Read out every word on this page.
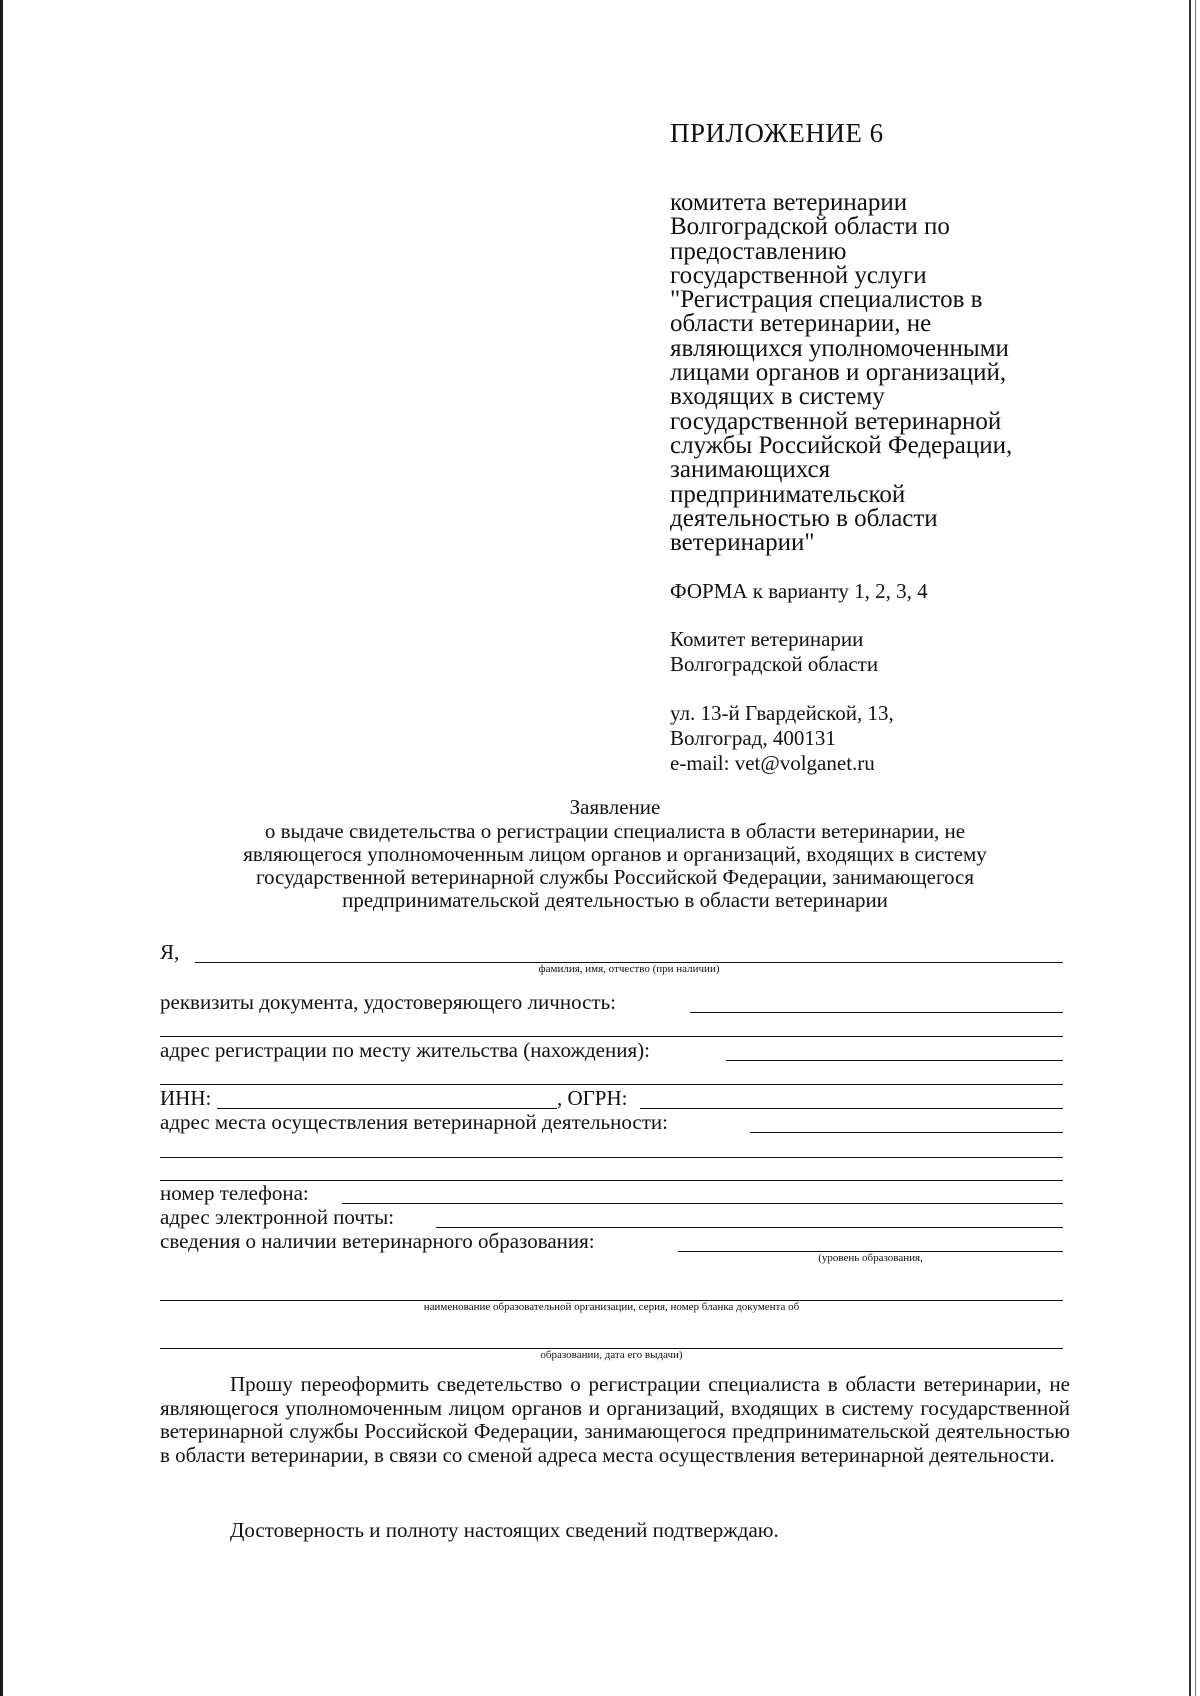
ПРИЛОЖЕНИЕ 6
комитета ветеринарии
Волгоградской области по
предоставлению
государственной услуги
"Регистрация специалистов в
области ветеринарии, не
являющихся уполномоченными
лицами органов и организаций,
входящих в систему
государственной ветеринарной
службы Российской Федерации,
занимающихся
предпринимательской
деятельностью в области
ветеринарии"
ФОРМА к варианту 1, 2, 3, 4
Комитет ветеринарии
Волгоградской области
ул. 13-й Гвардейской, 13,
Волгоград, 400131
e-mail: vet@volganet.ru
Заявление
о выдаче свидетельства о регистрации специалиста в области ветеринарии, не
являющегося уполномоченным лицом органов и организаций, входящих в систему
государственной ветеринарной службы Российской Федерации, занимающегося
предпринимательской деятельностью в области ветеринарии
Я,
фамилия, имя, отчество (при наличии)
реквизиты документа, удостоверяющего личность:
адрес регистрации по месту жительства (нахождения):
ИНН:	, ОГРН:
адрес места осуществления ветеринарной деятельности:
номер телефона:
адрес электронной почты:
сведения о наличии ветеринарного образования:
(уровень образования,
наименование образовательной организации, серия, номер бланка документа об
образовании, дата его выдачи)
Прошу переоформить сведетельство о регистрации специалиста в области ветеринарии, не являющегося уполномоченным лицом органов и организаций, входящих в систему государственной ветеринарной службы Российской Федерации, занимающегося предпринимательской деятельностью в области ветеринарии, в связи со сменой адреса места осуществления ветеринарной деятельности.
Достоверность и полноту настоящих сведений подтверждаю.
